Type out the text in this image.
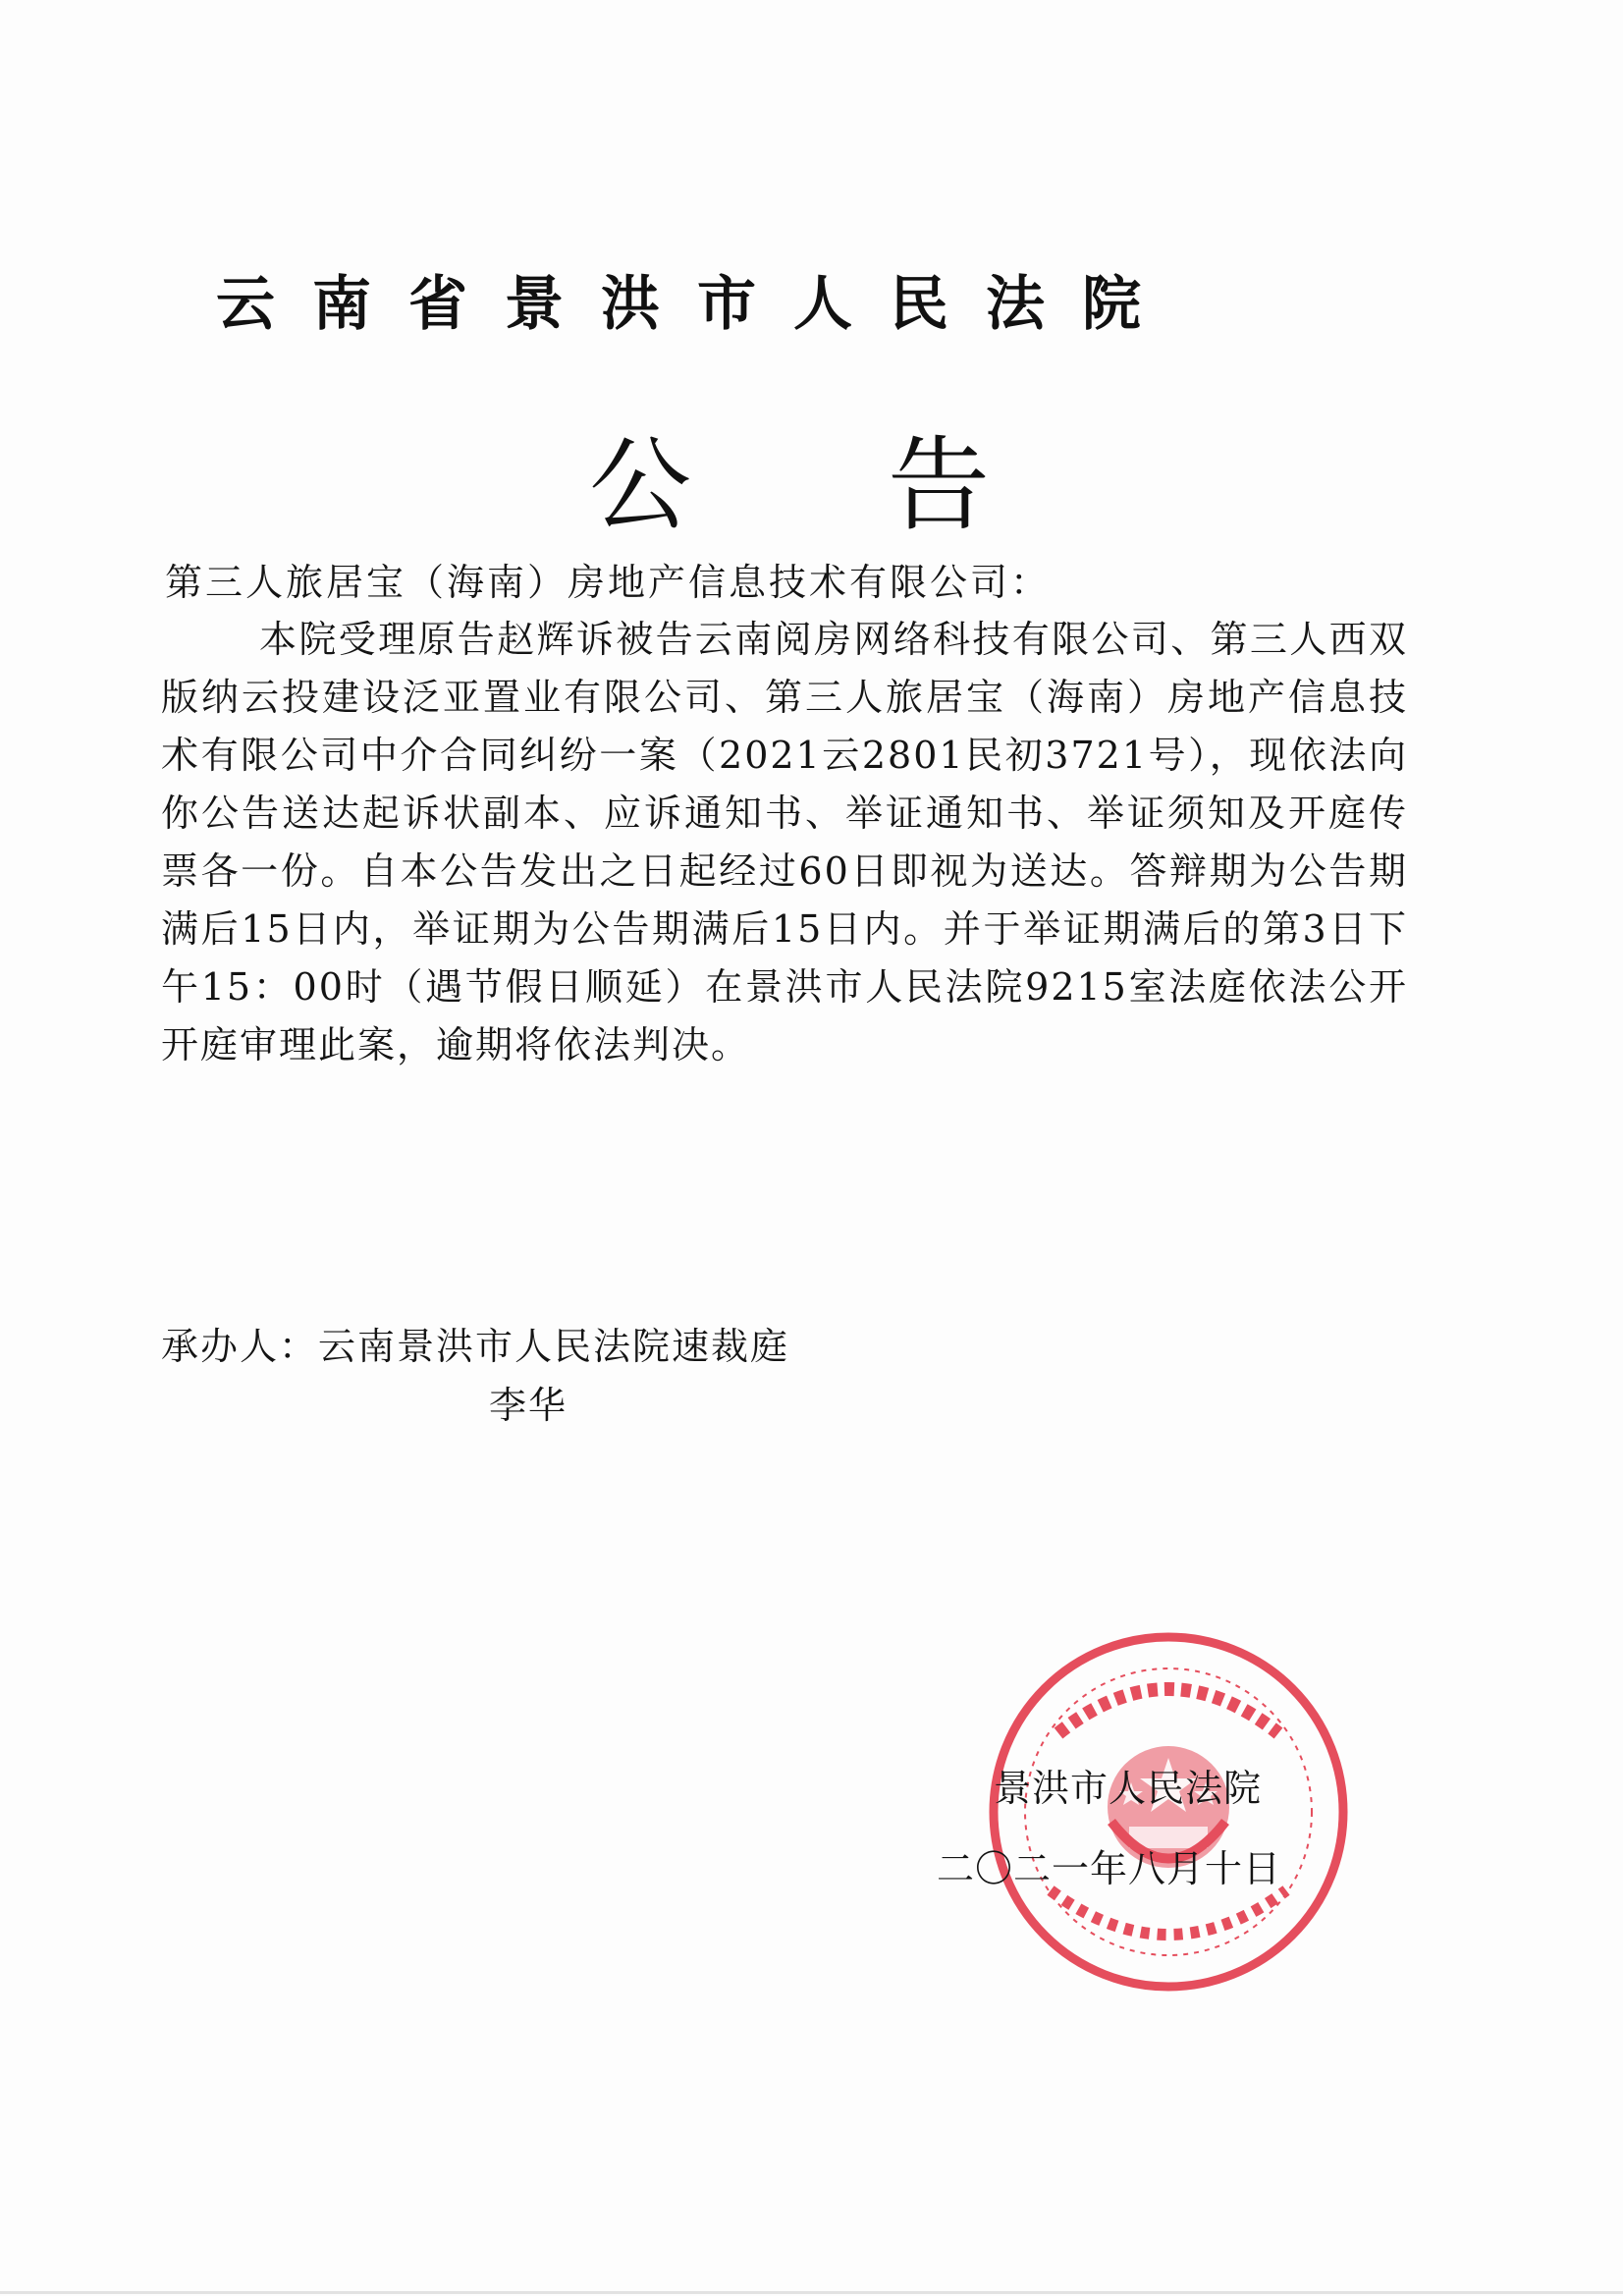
云南省景洪市人民法院
公告
第三人旅居宝（海南）房地产信息技术有限公司：
本院受理原告赵辉诉被告云南阅房网络科技有限公司、第三人西双版纳云投建设泛亚置业有限公司、第三人旅居宝（海南）房地产信息技术有限公司中介合同纠纷一案（2021云2801民初3721号），现依法向你公告送达起诉状副本、应诉通知书、举证通知书、举证须知及开庭传票各一份。自本公告发出之日起经过60日即视为送达。答辩期为公告期满后15日内，举证期为公告期满后15日内。并于举证期满后的第3日下午15：00时（遇节假日顺延）在景洪市人民法院9215室法庭依法公开开庭审理此案，逾期将依法判决。
承办人：云南景洪市人民法院速裁庭
李华
景洪市人民法院
二〇二一年八月十日
